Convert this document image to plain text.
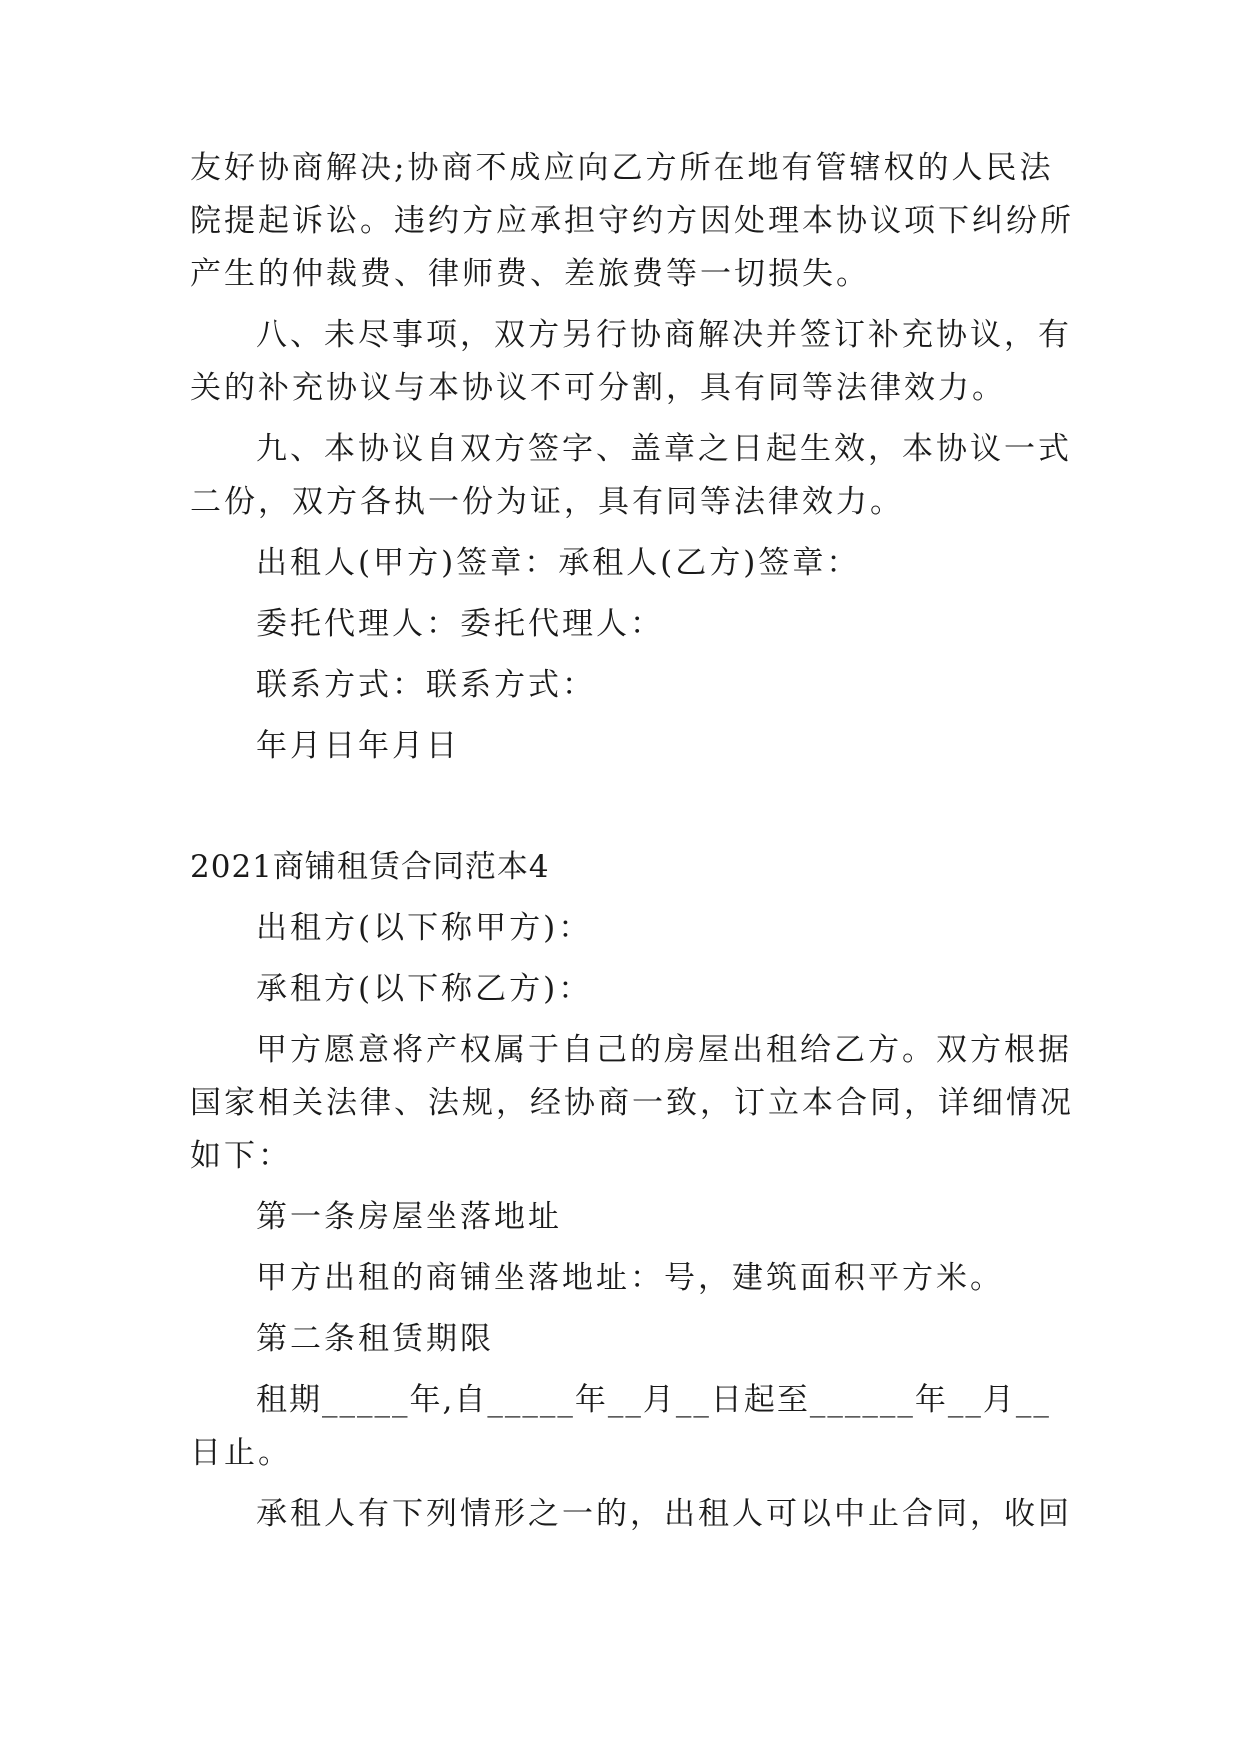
友好协商解决;协商不成应向乙方所在地有管辖权的人民法
院提起诉讼。违约方应承担守约方因处理本协议项下纠纷所
产生的仲裁费、律师费、差旅费等一切损失。
八、未尽事项，双方另行协商解决并签订补充协议，有
关的补充协议与本协议不可分割，具有同等法律效力。
九、本协议自双方签字、盖章之日起生效，本协议一式
二份，双方各执一份为证，具有同等法律效力。
出租人(甲方)签章：承租人(乙方)签章：
委托代理人：委托代理人：
联系方式：联系方式：
年月日年月日
2021商铺租赁合同范本4
出租方(以下称甲方)：
承租方(以下称乙方)：
甲方愿意将产权属于自己的房屋出租给乙方。双方根据
国家相关法律、法规，经协商一致，订立本合同，详细情况
如下：
第一条房屋坐落地址
甲方出租的商铺坐落地址：号，建筑面积平方米。
第二条租赁期限
租期_____年,自_____年__月__日起至______年__月__
日止。
承租人有下列情形之一的，出租人可以中止合同，收回
